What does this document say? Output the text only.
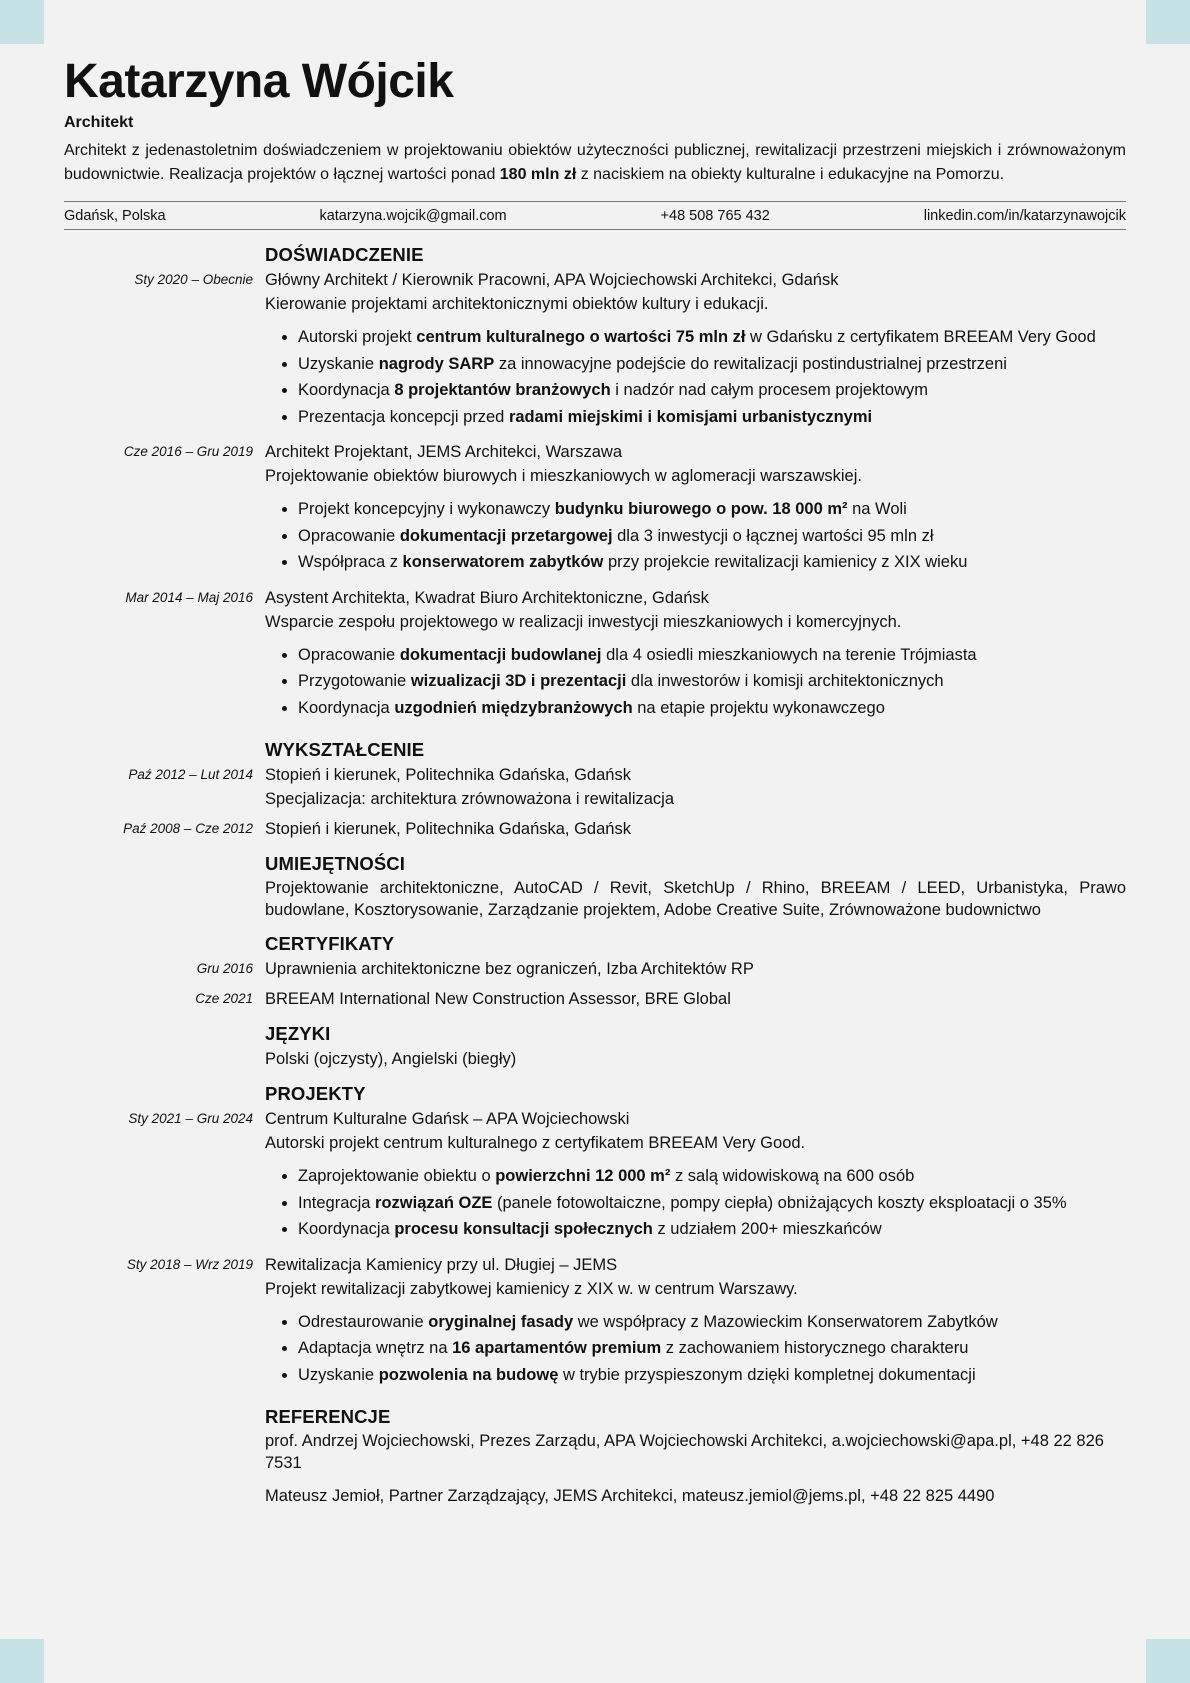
Katarzyna Wójcik
Architekt
Architekt z jedenastoletnim doświadczeniem w projektowaniu obiektów użyteczności publicznej, rewitalizacji przestrzeni miejskich i zrównoważonym budownictwie. Realizacja projektów o łącznej wartości ponad 180 mln zł z naciskiem na obiekty kulturalne i edukacyjne na Pomorzu.
Gdańsk, Polska	katarzyna.wojcik@gmail.com	+48 508 765 432	linkedin.com/in/katarzynawojcik
DOŚWIADCZENIE
Sty 2020 – Obecnie Główny Architekt / Kierownik Pracowni, APA Wojciechowski Architekci, Gdańsk
Kierowanie projektami architektonicznymi obiektów kultury i edukacji.
• Autorski projekt centrum kulturalnego o wartości 75 mln zł w Gdańsku z certyfikatem BREEAM Very Good
• Uzyskanie nagrody SARP za innowacyjne podejście do rewitalizacji postindustrialnej przestrzeni
• Koordynacja 8 projektantów branżowych i nadzór nad całym procesem projektowym
• Prezentacja koncepcji przed radami miejskimi i komisjami urbanistycznymi
Cze 2016 – Gru 2019 Architekt Projektant, JEMS Architekci, Warszawa
Projektowanie obiektów biurowych i mieszkaniowych w aglomeracji warszawskiej.
• Projekt koncepcyjny i wykonawczy budynku biurowego o pow. 18 000 m² na Woli
• Opracowanie dokumentacji przetargowej dla 3 inwestycji o łącznej wartości 95 mln zł
• Współpraca z konserwatorem zabytków przy projekcie rewitalizacji kamienicy z XIX wieku
Mar 2014 – Maj 2016 Asystent Architekta, Kwadrat Biuro Architektoniczne, Gdańsk
Wsparcie zespołu projektowego w realizacji inwestycji mieszkaniowych i komercyjnych.
• Opracowanie dokumentacji budowlanej dla 4 osiedli mieszkaniowych na terenie Trójmiasta
• Przygotowanie wizualizacji 3D i prezentacji dla inwestorów i komisji architektonicznych
• Koordynacja uzgodnień międzybranżowych na etapie projektu wykonawczego
WYKSZTAŁCENIE
Paź 2012 – Lut 2014 Stopień i kierunek, Politechnika Gdańska, Gdańsk
Specjalizacja: architektura zrównoważona i rewitalizacja
Paź 2008 – Cze 2012 Stopień i kierunek, Politechnika Gdańska, Gdańsk
UMIEJĘTNOŚCI
Projektowanie architektoniczne, AutoCAD / Revit, SketchUp / Rhino, BREEAM / LEED, Urbanistyka, Prawo budowlane, Kosztorysowanie, Zarządzanie projektem, Adobe Creative Suite, Zrównoważone budownictwo
CERTYFIKATY
Gru 2016 Uprawnienia architektoniczne bez ograniczeń, Izba Architektów RP
Cze 2021 BREEAM International New Construction Assessor, BRE Global
JĘZYKI
Polski (ojczysty), Angielski (biegły)
PROJEKTY
Sty 2021 – Gru 2024 Centrum Kulturalne Gdańsk – APA Wojciechowski
Autorski projekt centrum kulturalnego z certyfikatem BREEAM Very Good.
• Zaprojektowanie obiektu o powierzchni 12 000 m² z salą widowiskową na 600 osób
• Integracja rozwiązań OZE (panele fotowoltaiczne, pompy ciepła) obniżających koszty eksploatacji o 35%
• Koordynacja procesu konsultacji społecznych z udziałem 200+ mieszkańców
Sty 2018 – Wrz 2019 Rewitalizacja Kamienicy przy ul. Długiej – JEMS
Projekt rewitalizacji zabytkowej kamienicy z XIX w. w centrum Warszawy.
• Odrestaurowanie oryginalnej fasady we współpracy z Mazowieckim Konserwatorem Zabytków
• Adaptacja wnętrz na 16 apartamentów premium z zachowaniem historycznego charakteru
• Uzyskanie pozwolenia na budowę w trybie przyspieszonym dzięki kompletnej dokumentacji
REFERENCJE
prof. Andrzej Wojciechowski, Prezes Zarządu, APA Wojciechowski Architekci, a.wojciechowski@apa.pl, +48 22 826 7531
Mateusz Jemioł, Partner Zarządzający, JEMS Architekci, mateusz.jemiol@jems.pl, +48 22 825 4490
